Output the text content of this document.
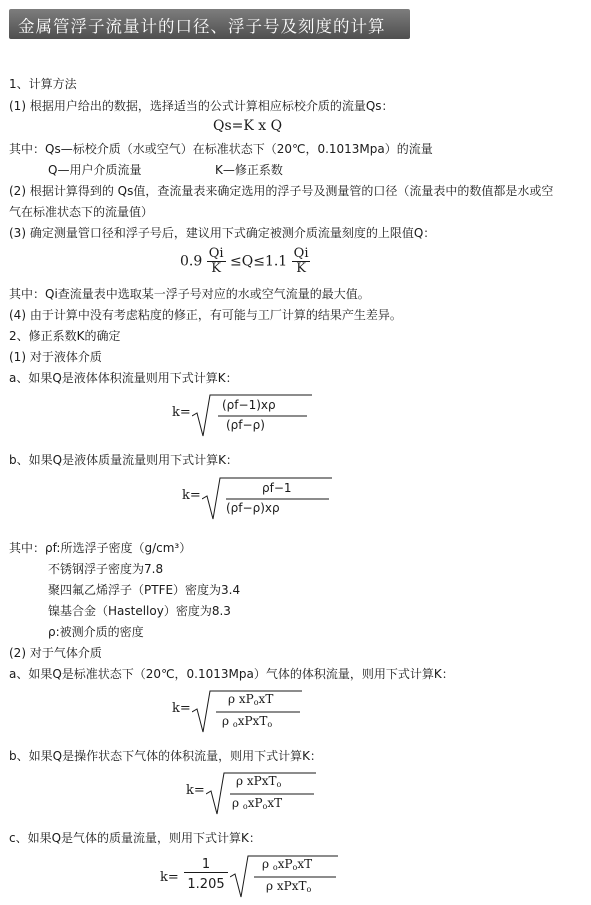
金属管浮子流量计的口径、浮子号及刻度的计算
1、计算方法
(1) 根据用户给出的数据，选择适当的公式计算相应标校介质的流量Qs：
Qs=K x Q
其中：Qs—标校介质（水或空气）在标准状态下（20℃，0.1013Mpa）的流量
Q—用户介质流量	K—修正系数
(2) 根据计算得到的 Qs值，查流量表来确定选用的浮子号及测量管的口径（流量表中的数值都是水或空
气在标准状态下的流量值）
(3) 确定测量管口径和浮子号后，建议用下式确定被测介质流量刻度的上限值Q：
$0.9 \frac{Qi}{K} \le Q\le 1.1 \frac{Qi}{K}$
其中：Qi查流量表中选取某一浮子号对应的水或空气流量的最大值。
(4) 由于计算中没有考虑粘度的修正，有可能与工厂计算的结果产生差异。
2、修正系数K的确定
(1) 对于液体介质
a、如果Q是液体体积流量则用下式计算K：
k=	(ρf−1)xρ
(ρf−ρ)
b、如果Q是液体质量流量则用下式计算K：
k=	ρf−1
(ρf−ρ)xρ
其中：ρf:所选浮子密度（g/cm³）
不锈钢浮子密度为7.8
聚四氟乙烯浮子（PTFE）密度为3.4
镍基合金（Hastelloy）密度为8.3
ρ:被测介质的密度
(2) 对于气体介质
a、如果Q是标准状态下（20℃，0.1013Mpa）气体的体积流量，则用下式计算K：
k=
ρ $xP_oxT$
ρ $_o$xPxT$_o$
b、如果Q是操作状态下气体的体积流量，则用下式计算K：
k=
ρ xPxT$_o$
ρ $_oxP_oxT$
c、如果Q是气体的质量流量，则用下式计算K：
k=
1
1.205
ρ $_oxP_oxT$
ρ xPxT$_o$
